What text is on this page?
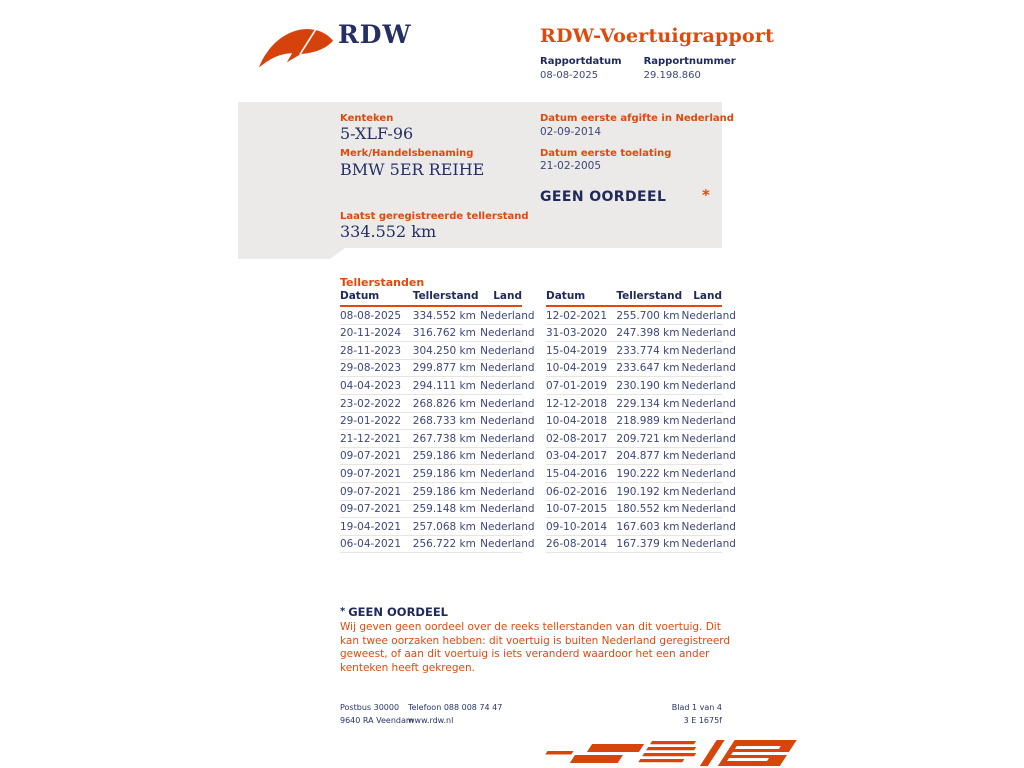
RDW	RDW-Voertuigrapport
Rapportdatum
08-08-2025
Rapportnummer
29.198.860
Kenteken
5-XLF-96
Merk/Handelsbenaming
BMW 5ER REIHE
Laatst geregistreerde tellerstand
334.552 km
Datum eerste afgifte in Nederland
02-09-2014
Datum eerste toelating
21-02-2005
GEEN OORDEEL *
Tellerstanden
Datum	Tellerstand	Land
08-08-2025	334.552 km	Nederland
20-11-2024	316.762 km	Nederland
28-11-2023	304.250 km	Nederland
29-08-2023	299.877 km	Nederland
04-04-2023	294.111 km	Nederland
23-02-2022	268.826 km	Nederland
29-01-2022	268.733 km	Nederland
21-12-2021	267.738 km	Nederland
09-07-2021	259.186 km	Nederland
09-07-2021	259.186 km	Nederland
09-07-2021	259.186 km	Nederland
09-07-2021	259.148 km	Nederland
19-04-2021	257.068 km	Nederland
06-04-2021	256.722 km	Nederland
Datum	Tellerstand	Land
12-02-2021	255.700 km	Nederland
31-03-2020	247.398 km	Nederland
15-04-2019	233.774 km	Nederland
10-04-2019	233.647 km	Nederland
07-01-2019	230.190 km	Nederland
12-12-2018	229.134 km	Nederland
10-04-2018	218.989 km	Nederland
02-08-2017	209.721 km	Nederland
03-04-2017	204.877 km	Nederland
15-04-2016	190.222 km	Nederland
06-02-2016	190.192 km	Nederland
10-07-2015	180.552 km	Nederland
09-10-2014	167.603 km	Nederland
26-08-2014	167.379 km	Nederland
* GEEN OORDEEL
Wij geven geen oordeel over de reeks tellerstanden van dit voertuig. Dit kan twee oorzaken hebben: dit voertuig is buiten Nederland geregistreerd geweest, of aan dit voertuig is iets veranderd waardoor het een ander kenteken heeft gekregen.
Postbus 30000
9640 RA Veendam
Telefoon 088 008 74 47
www.rdw.nl
Blad 1 van 4
3 E 1675f
